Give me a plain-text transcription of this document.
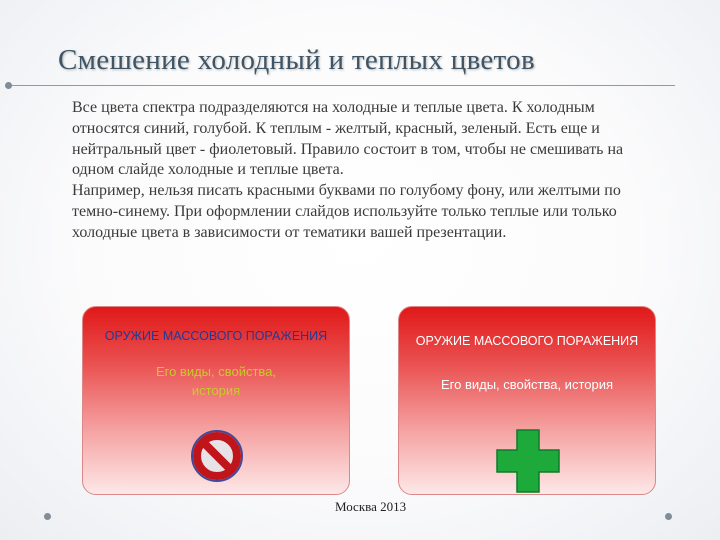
Смешение холодный и теплых цветов

Все цвета спектра подразделяются на холодные и теплые цвета. К холодным относятся синий, голубой. К теплым - желтый, красный, зеленый. Есть еще и нейтральный цвет - фиолетовый. Правило состоит в том, чтобы не смешивать на одном слайде холодные и теплые цвета.

Например, нельзя писать красными буквами по голубому фону, или желтыми по темно-синему. При оформлении слайдов используйте только теплые или только холодные цвета в зависимости от тематики вашей презентации.

ОРУЖИЕ МАССОВОГО ПОРАЖЕНИЯ
Его виды, свойства, история
ОРУЖИЕ МАССОВОГО ПОРАЖЕНИЯ
Его виды, свойства, история
Москва 2013
